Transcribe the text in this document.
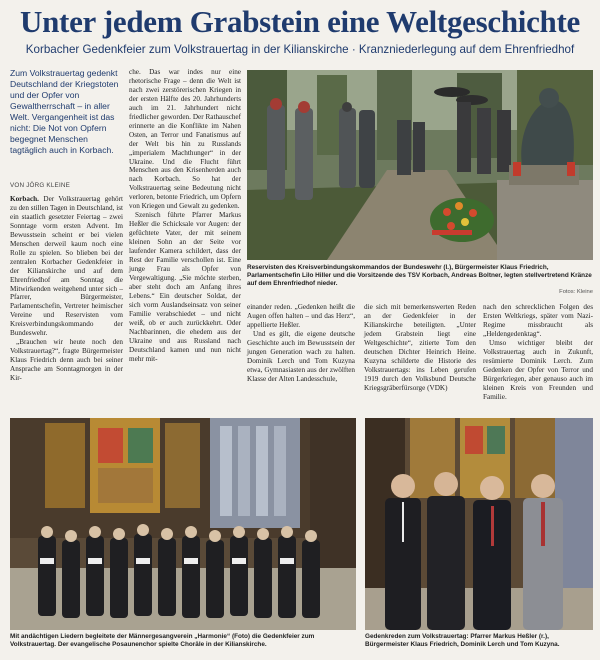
Unter jedem Grabstein eine Weltgeschichte
Korbacher Gedenkfeier zum Volkstrauertag in der Kilianskirche · Kranzniederlegung auf dem Ehrenfriedhof
Zum Volkstrauertag gedenkt Deutschland der Kriegstoten und der Opfer von Gewaltherrschaft – in aller Welt. Vergangenheit ist das nicht: Die Not von Opfern begegnet Menschen tagtäglich auch in Korbach.
VON JÖRG KLEINE

Korbach. Der Volkstrauertag gehört zu den stillen Tagen in Deutschland, ist ein staatlich gesetzter Feiertag – zwei Sonntage vorm ersten Advent. Im Bewusstsein scheint er bei vielen Menschen derweil kaum noch eine Rolle zu spielen. So blieben bei der zentralen Korbacher Gedenkfeier in der Kilianskirche und auf dem Ehrenfriedhof am Sonntag die Mitwirkenden weitgehend unter sich – Pfarrer, Bürgermeister, Parlamentschefin, Vertreter heimischer Vereine und Reservisten vom Kreisverbindungskommando der Bundeswehr.

„Brauchen wir heute noch den Volkstrauertag?“, fragte Bürgermeister Klaus Friedrich denn auch bei seiner Ansprache am Sonntagmorgen in der Kir-

che. Das war indes nur eine rhetorische Frage – denn die Welt ist nach zwei zerstörerischen Kriegen in der ersten Hälfte des 20. Jahrhunderts auch im 21. Jahrhundert nicht friedlicher geworden. Der Rathauschef erinnerte an die Konflikte im Nahen Osten, an Terror und Fanatismus auf der Welt bis hin zu Russlands „imperialem Machthunger“ in der Ukraine. Und die Flucht führt Menschen aus den Krisenherden auch nach Korbach. So hat der Volkstrauertag seine Bedeutung nicht verloren, betonte Friedrich, um Opfern von Kriegen und Gewalt zu gedenken.

Szenisch führte Pfarrer Markus Heßler die Schicksale vor Augen: der gefüchtete Vater, der mit seinem kleinen Sohn an der Seite vor laufender Kamera schildert, dass der Rest der Familie verschollen ist. Eine junge Frau als Opfer von Vergewaltigung. „Sie möchte sterben, aber steht doch am Anfang ihres Lebens.“ Ein deutscher Soldat, der sich vorm Auslandseinsatz von seiner Familie verabschiedet – und nicht weiß, ob er auch zurückkehrt. Oder Nachbarinnen, die ehedem aus der Ukraine und aus Russland nach Deutschland kamen und nun nicht mehr mit-

Reservisten des Kreisverbindungskommandos der Bundeswehr (l.), Bürgermeister Klaus Friedrich, Parlamentschefin Lilo Hiller und die Vorsitzende des TSV Korbach, Andreas Boltner, legten stellvertretend Kränze auf dem Ehrenfriedhof nieder.
Fotos: Kleine

einander reden. „Gedenken heißt die Augen offen halten – und das Herz“, appellierte Heßler.

Und es gilt, die eigene deutsche Geschichte auch im Bewusstsein der jungen Generation wach zu halten. Dominik Lerch und Tom Kuzyna etwa, Gymnasiasten aus der zwölften Klasse der Alten Landesschule,

die sich mit bemerkenswerten Reden an der Gedenkfeier in der Kilianskirche beteiligten. „Unter jedem Grabstein liegt eine Weltgeschichte“, zitierte Tom den deutschen Dichter Heinrich Heine. Kuzyna schilderte die Historie des Volkstrauertags: ins Leben gerufen 1919 durch den Volksbund Deutsche Kriegsgräberfürsorge (VDK)

nach den schrecklichen Folgen des Ersten Weltkriegs, später vom Nazi-Regime missbraucht als „Heldengedenktag“.

Umso wichtiger bleibt der Volkstrauertag auch in Zukunft, resümierte Dominik Lerch. Zum Gedenken der Opfer von Terror und Bürgerkriegen, aber genauso auch im kleinen Kreis von Freunden und Familie.

Mit andächtigen Liedern begleitete der Männergesangverein „Harmonie“ (Foto) die Gedenkfeier zum Volkstrauertag. Der evangelische Posaunenchor spielte Choräle in der Kilianskirche.
Gedenkreden zum Volkstrauertag: Pfarrer Markus Heßler (r.), Bürgermeister Klaus Friedrich, Dominik Lerch und Tom Kuzyna.
